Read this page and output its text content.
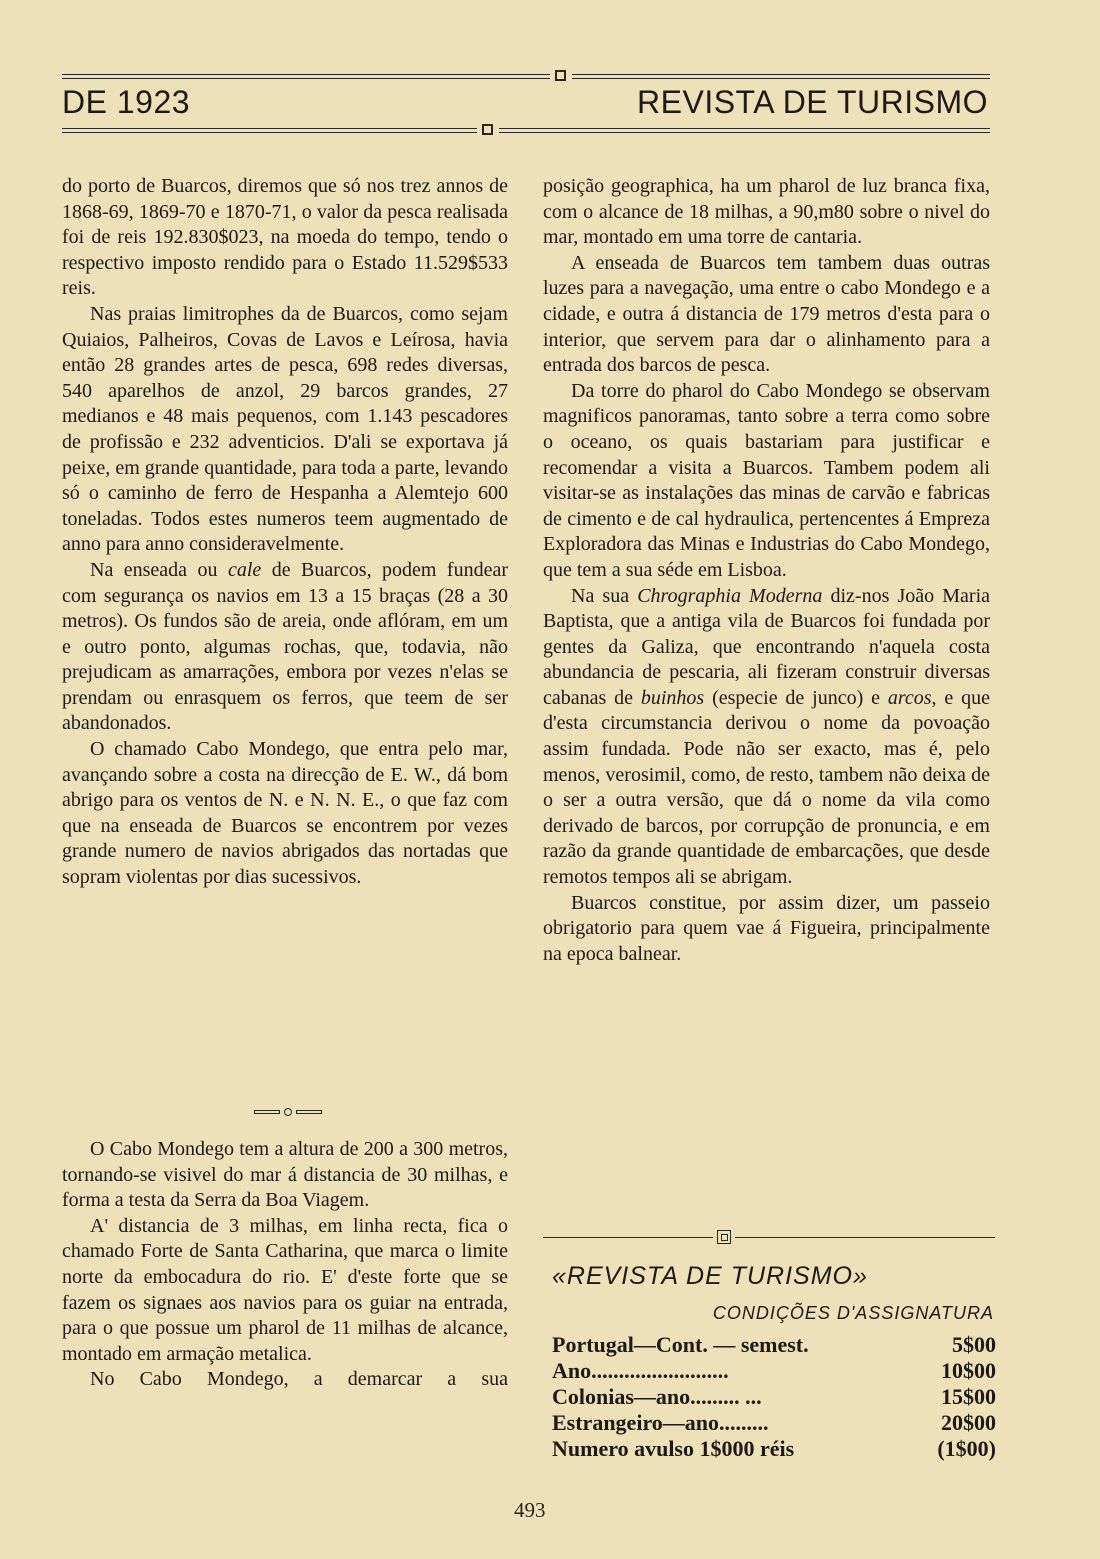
DE 1923	REVISTA DE TURISMO

do porto de Buarcos, diremos que só nos trez annos de 1868-69, 1869-70 e 1870-71, o valor da pesca realisada foi de reis 192.830$023, na moeda do tempo, tendo o respectivo imposto rendido para o Estado 11.529$533 reis.

Nas praias limitrophes da de Buarcos, como sejam Quiaios, Palheiros, Covas de Lavos e Leírosa, havia então 28 grandes artes de pesca, 698 redes diversas, 540 aparelhos de anzol, 29 barcos grandes, 27 medianos e 48 mais pequenos, com 1.143 pescadores de profissão e 232 adventicios. D'ali se exportava já peixe, em grande quantidade, para toda a parte, levando só o caminho de ferro de Hespanha a Alemtejo 600 toneladas. Todos estes numeros teem augmentado de anno para anno consideravelmente.

Na enseada ou cale de Buarcos, podem fundear com segurança os navios em 13 a 15 braças (28 a 30 metros). Os fundos são de areia, onde aflóram, em um e outro ponto, algumas rochas, que, todavia, não prejudicam as amarrações, embora por vezes n'elas se prendam ou enrasquem os ferros, que teem de ser abandonados.

O chamado Cabo Mondego, que entra pelo mar, avançando sobre a costa na direcção de E. W., dá bom abrigo para os ventos de N. e N. N. E., o que faz com que na enseada de Buarcos se encontrem por vezes grande numero de navios abrigados das nortadas que sopram violentas por dias sucessivos.

O Cabo Mondego tem a altura de 200 a 300 metros, tornando-se visivel do mar á distancia de 30 milhas, e forma a testa da Serra da Boa Viagem.

A' distancia de 3 milhas, em linha recta, fica o chamado Forte de Santa Catharina, que marca o limite norte da embocadura do rio. E' d'este forte que se fazem os signaes aos navios para os guiar na entrada, para o que possue um pharol de 11 milhas de alcance, montado em armação metalica.

No Cabo Mondego, a demarcar a sua

posição geographica, ha um pharol de luz branca fixa, com o alcance de 18 milhas, a 90,m80 sobre o nivel do mar, montado em uma torre de cantaria.

A enseada de Buarcos tem tambem duas outras luzes para a navegação, uma entre o cabo Mondego e a cidade, e outra á distancia de 179 metros d'esta para o interior, que servem para dar o alinhamento para a entrada dos barcos de pesca.

Da torre do pharol do Cabo Mondego se observam magnificos panoramas, tanto sobre a terra como sobre o oceano, os quais bastariam para justificar e recomendar a visita a Buarcos. Tambem podem ali visitar-se as instalações das minas de carvão e fabricas de cimento e de cal hydraulica, pertencentes á Empreza Exploradora das Minas e Industrias do Cabo Mondego, que tem a sua séde em Lisboa.

Na sua Chrographia Moderna diz-nos João Maria Baptista, que a antiga vila de Buarcos foi fundada por gentes da Galiza, que encontrando n'aquela costa abundancia de pescaria, ali fizeram construir diversas cabanas de buinhos (especie de junco) e arcos, e que d'esta circumstancia derivou o nome da povoação assim fundada. Pode não ser exacto, mas é, pelo menos, verosimil, como, de resto, tambem não deixa de o ser a outra versão, que dá o nome da vila como derivado de barcos, por corrupção de pronuncia, e em razão da grande quantidade de embarcações, que desde remotos tempos ali se abrigam.

Buarcos constitue, por assim dizer, um passeio obrigatorio para quem vae á Figueira, principalmente na epoca balnear.

«REVISTA DE TURISMO»
CONDIÇÕES D'ASSIGNATURA
Portugal—Cont. — semest.	5$00
Ano.........................	10$00
Colonias—ano......... ...	15$00
Estrangeiro—ano.........	20$00
Numero avulso 1$000 réis	(1$00)
493
